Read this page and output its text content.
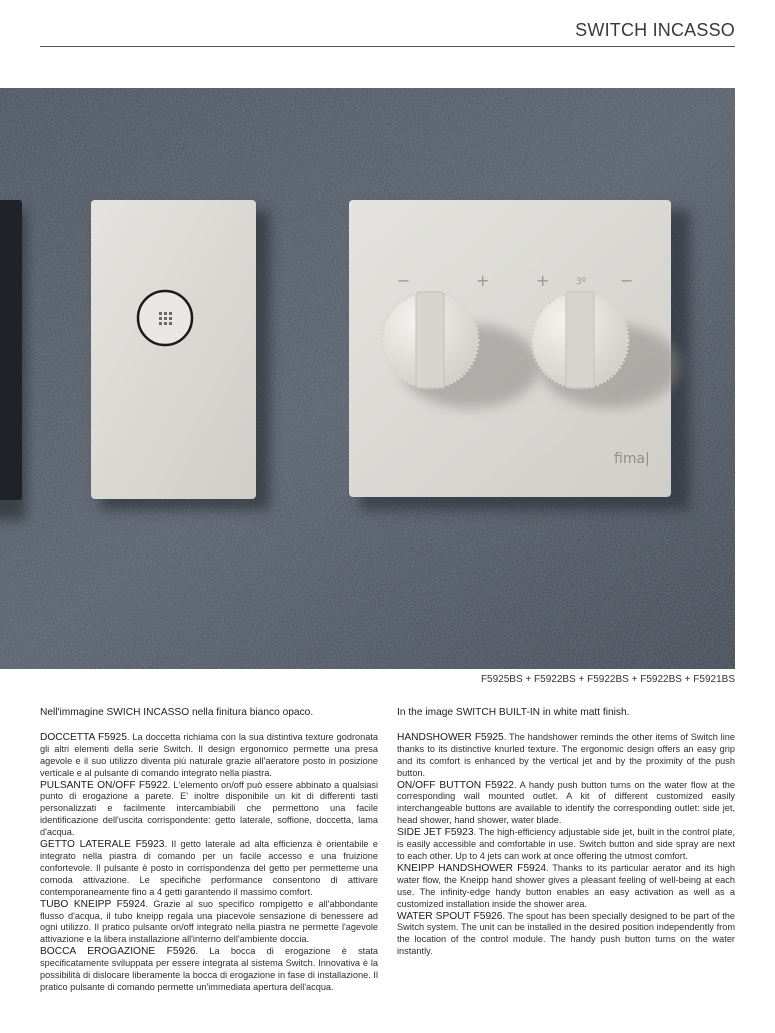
SWITCH INCASSO
−	+	+	3º −
fima|
F5925BS + F5922BS + F5922BS + F5922BS + F5921BS

Nell'immagine SWICH INCASSO nella finitura bianco opaco.

DOCCETTA F5925. La doccetta richiama con la sua distintiva texture godronata gli altri elementi della serie Switch. Il design ergonomico permette una presa agevole e il suo utilizzo diventa più naturale grazie all'aeratore posto in posizione verticale e al pulsante di comando integrato nella piastra.

PULSANTE ON/OFF F5922. L'elemento on/off può essere abbinato a qualsiasi punto di erogazione a parete. E' inoltre disponibile un kit di differenti tasti personalizzati e facilmente intercambiabili che permettono una facile identificazione dell'uscita corrispondente: getto laterale, soffione, doccetta, lama d'acqua.

GETTO LATERALE F5923. Il getto laterale ad alta efficienza è orientabile e integrato nella piastra di comando per un facile accesso e una fruizione confortevole. Il pulsante è posto in corrispondenza del getto per permetterne una comoda attivazione. Le specifiche performance consentono di attivare contemporaneamente fino a 4 getti garantendo il massimo comfort.

TUBO KNEIPP F5924. Grazie al suo specifico rompigetto e all'abbondante flusso d'acqua, il tubo kneipp regala una piacevole sensazione di benessere ad ogni utilizzo. Il pratico pulsante on/off integrato nella piastra ne permette l'agevole attivazione e la libera installazione all'interno dell'ambiente doccia.

BOCCA EROGAZIONE F5926. La bocca di erogazione è stata specificatamente sviluppata per essere integrata al sistema Switch. Innovativa è la possibilità di dislocare liberamente la bocca di erogazione in fase di installazione. Il pratico pulsante di comando permette un'immediata apertura dell'acqua.

In the image SWITCH BUILT-IN in white matt finish.

HANDSHOWER F5925. The handshower reminds the other items of Switch line thanks to its distinctive knurled texture. The ergonomic design offers an easy grip and its comfort is enhanced by the vertical jet and by the proximity of the push button.

ON/OFF BUTTON F5922. A handy push button turns on the water flow at the corresponding wall mounted outlet. A kit of different customized easily interchangeable buttons are available to identify the corresponding outlet: side jet, head shower, hand shower, water blade.

SIDE JET F5923. The high-efficiency adjustable side jet, built in the control plate, is easily accessible and comfortable in use. Switch button and side spray are next to each other. Up to 4 jets can work at once offering the utmost comfort.

KNEIPP HANDSHOWER F5924. Thanks to its particular aerator and its high water flow, the Kneipp hand shower gives a pleasant feeling of well-being at each use. The infinity-edge handy button enables an easy activation as well as a customized installation inside the shower area.

WATER SPOUT F5926. The spout has been specially designed to be part of the Switch system. The unit can be installed in the desired position independently from the location of the control module. The handy push button turns on the water instantly.
